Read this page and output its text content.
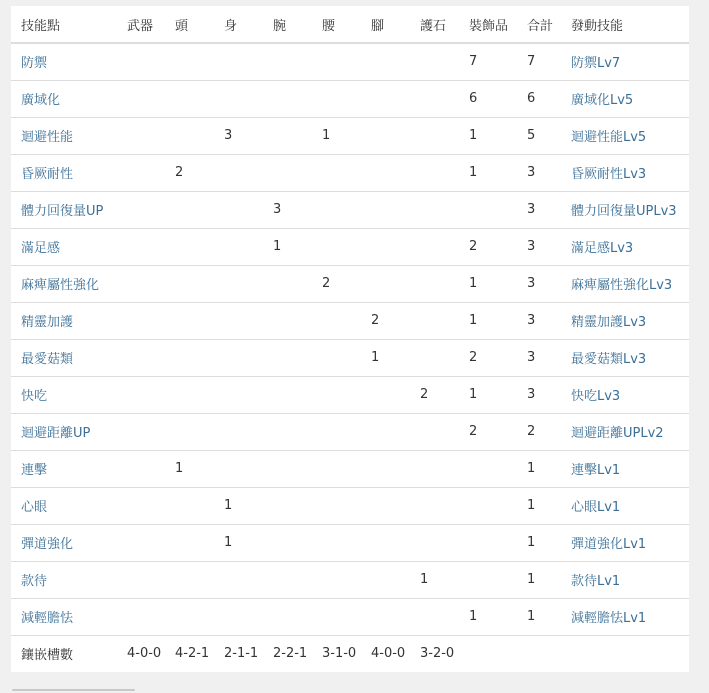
技能點	武器	頭	身	腕	腰	腳	護石	裝飾品	合計	發動技能
防禦								7	7	防禦Lv7
廣域化								6	6	廣域化Lv5
迴避性能			3		1			1	5	迴避性能Lv5
昏厥耐性		2						1	3	昏厥耐性Lv3
體力回復量UP				3					3	體力回復量UPLv3
滿足感				1				2	3	滿足感Lv3
麻痺屬性強化					2			1	3	麻痺屬性強化Lv3
精靈加護						2		1	3	精靈加護Lv3
最愛菇類						1		2	3	最愛菇類Lv3
快吃							2	1	3	快吃Lv3
迴避距離UP								2	2	迴避距離UPLv2
連擊		1							1	連擊Lv1
心眼			1						1	心眼Lv1
彈道強化			1						1	彈道強化Lv1
款待							1		1	款待Lv1
減輕膽怯								1	1	減輕膽怯Lv1
鑲嵌槽數	4-0-0	4-2-1	2-1-1	2-2-1	3-1-0	4-0-0	3-2-0			
